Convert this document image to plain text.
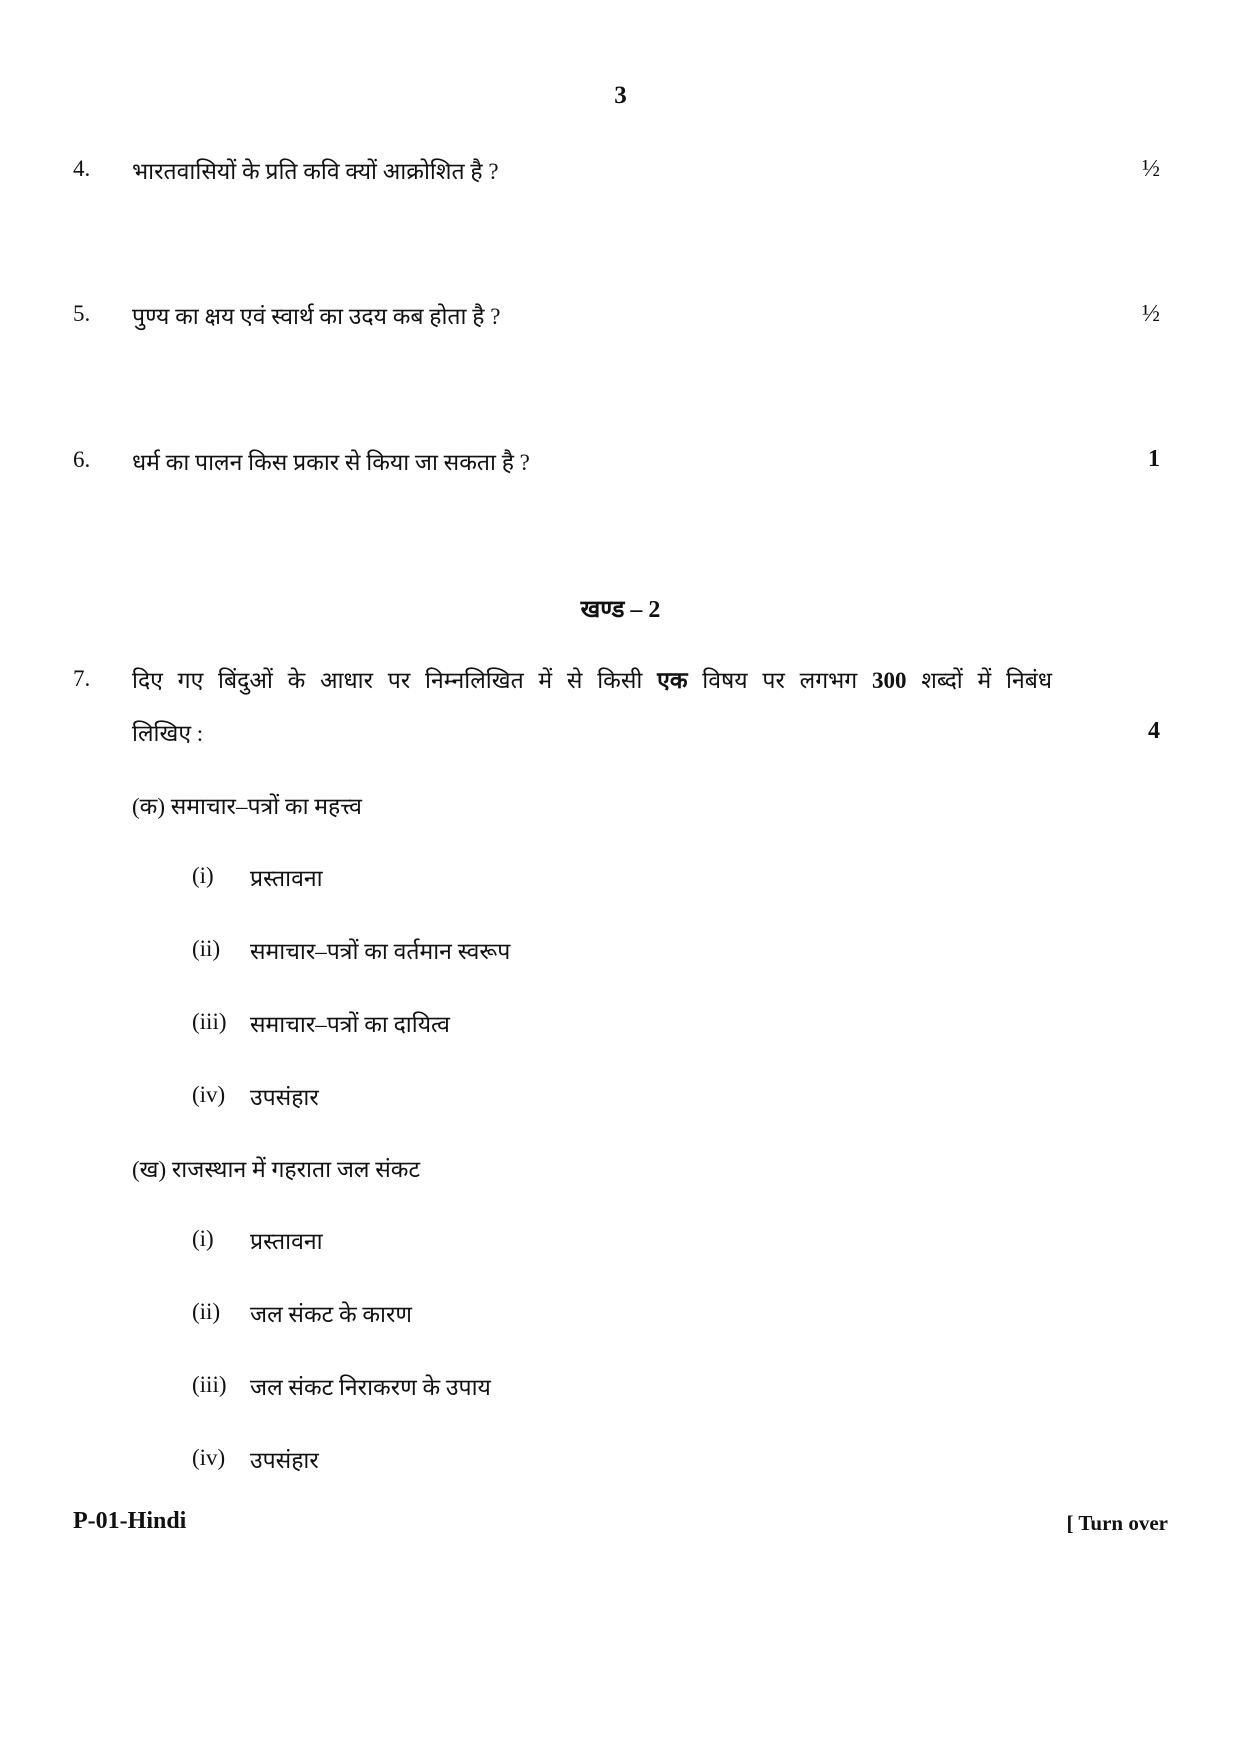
3
4. भारतवासियों के प्रति कवि क्यों आक्रोशित है ?	½
5. पुण्य का क्षय एवं स्वार्थ का उदय कब होता है ?	½
6. धर्म का पालन किस प्रकार से किया जा सकता है ?	1
खण्ड – 2
7. दिए गए बिंदुओं के आधार पर निम्नलिखित में से किसी एक विषय पर लगभग 300 शब्दों में निबंध
लिखिए :	4
(क) समाचार–पत्रों का महत्त्व
(i) प्रस्तावना
(ii) समाचार–पत्रों का वर्तमान स्वरूप
(iii) समाचार–पत्रों का दायित्व
(iv) उपसंहार
(ख) राजस्थान में गहराता जल संकट
(i) प्रस्तावना
(ii) जल संकट के कारण
(iii) जल संकट निराकरण के उपाय
(iv) उपसंहार
P-01-Hindi	[ Turn over
